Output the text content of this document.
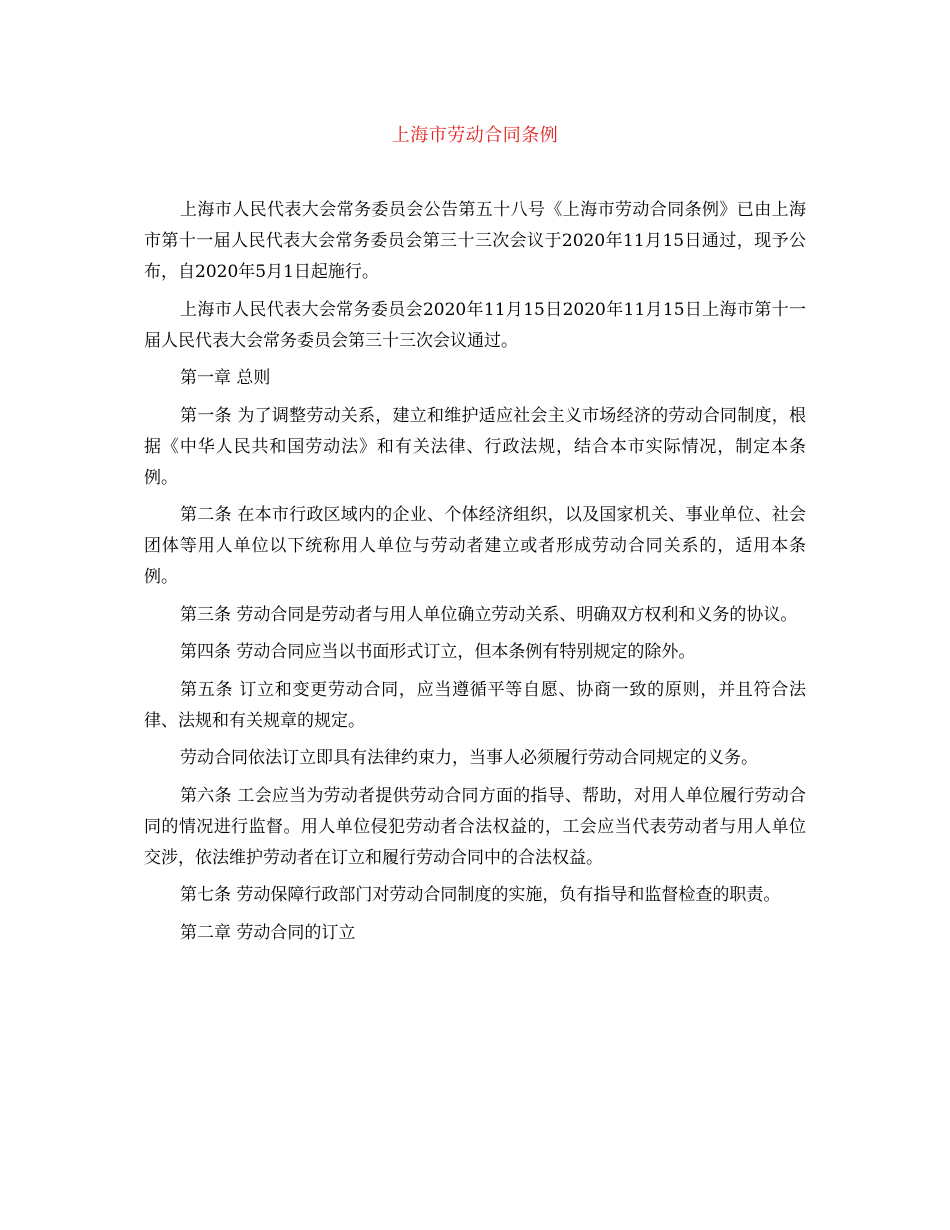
上海市劳动合同条例

上海市人民代表大会常务委员会公告第五十八号《上海市劳动合同条例》已由上海市第十一届人民代表大会常务委员会第三十三次会议于2020年11月15日通过，现予公布，自2020年5月1日起施行。

上海市人民代表大会常务委员会2020年11月15日2020年11月15日上海市第十一届人民代表大会常务委员会第三十三次会议通过。

第一章 总则

第一条 为了调整劳动关系，建立和维护适应社会主义市场经济的劳动合同制度，根据《中华人民共和国劳动法》和有关法律、行政法规，结合本市实际情况，制定本条例。

第二条 在本市行政区域内的企业、个体经济组织，以及国家机关、事业单位、社会团体等用人单位以下统称用人单位与劳动者建立或者形成劳动合同关系的，适用本条例。

第三条 劳动合同是劳动者与用人单位确立劳动关系、明确双方权利和义务的协议。

第四条 劳动合同应当以书面形式订立，但本条例有特别规定的除外。

第五条 订立和变更劳动合同，应当遵循平等自愿、协商一致的原则，并且符合法律、法规和有关规章的规定。

劳动合同依法订立即具有法律约束力，当事人必须履行劳动合同规定的义务。

第六条 工会应当为劳动者提供劳动合同方面的指导、帮助，对用人单位履行劳动合同的情况进行监督。用人单位侵犯劳动者合法权益的，工会应当代表劳动者与用人单位交涉，依法维护劳动者在订立和履行劳动合同中的合法权益。

第七条 劳动保障行政部门对劳动合同制度的实施，负有指导和监督检查的职责。

第二章 劳动合同的订立
